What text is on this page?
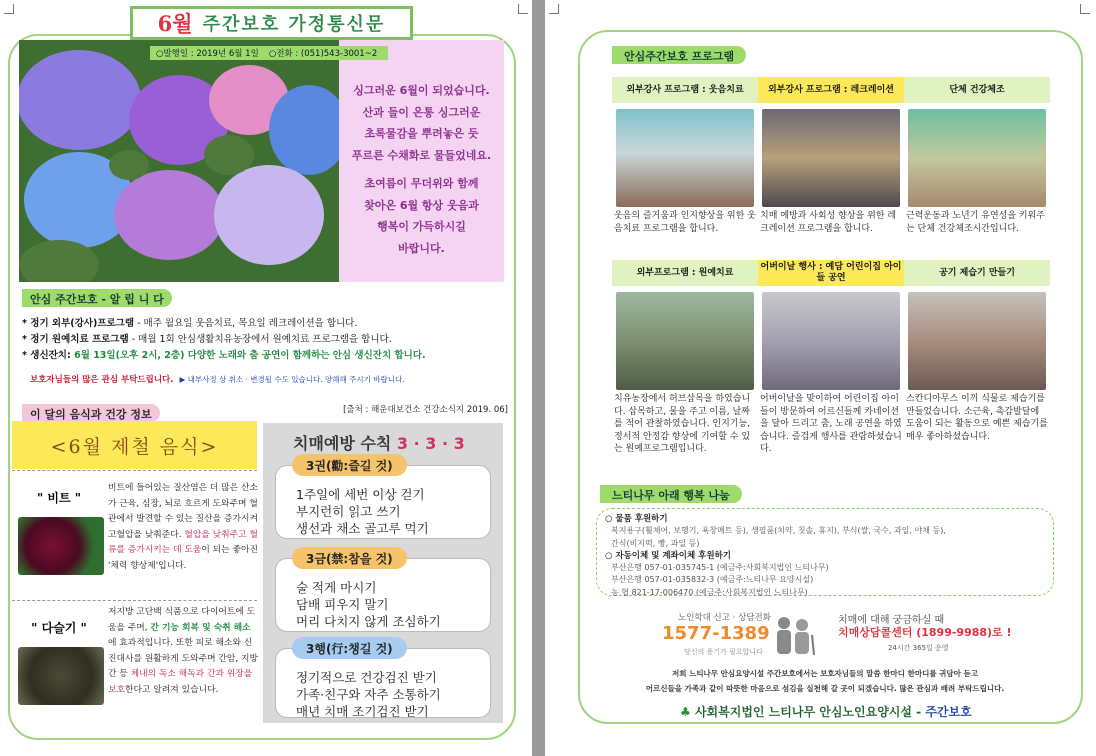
6월 주간보호 가정통신문
○발행일 : 2019년 6월 1일 ○전화 : (051)543-3001~2
싱그러운 6월이 되었습니다.
산과 들이 온통 싱그러운
초록물감을 뿌려놓은 듯
푸르른 수채화로 물들었네요.
초여름이 무더위와 함께
찾아온 6월 항상 웃음과
행복이 가득하시길
바랍니다.
안심 주간보호 - 알 립 니 다
* 정기 외부(강사)프로그램 - 매주 월요일 웃음치료, 목요일 레크레이션을 합니다.
* 정기 원예치료 프로그램 - 매월 1회 안심생활치유농장에서 원예치료 프로그램을 합니다.
* 생신잔치: 6월 13일(오후 2시, 2층) 다양한 노래와 춤 공연이 함께하는 안심 생신잔치 합니다.
보호자님들의 많은 관심 부탁드립니다. ▶ 내부사정 상 취소 · 변경될 수도 있습니다. 양해해 주시기 바랍니다.
[출처 : 해운대보건소 건강소식지 2019. 06]
이 달의 음식과 건강 정보
<6월 제철 음식>
" 비트 "
비트에 들어있는 질산염은 더 많은 산소가 근육, 심장, 뇌로 흐르게 도와주며 혈관에서 발견할 수 있는 질산을 증가시켜 고혈압을 낮춰준다. 혈압을 낮춰주고 혈류를 증가시키는 데 도움이 되는 좋아진 '체력 향상제'입니다.
" 다슬기 "
저지방 고단백 식품으로 다이어트에 도움을 주며, 간 기능 회복 및 숙취 해소에 효과적입니다. 또한 피로 해소와 신진대사를 원활하게 도와주며 간암, 지방간 등 체내의 독소 해독과 간과 위장을 보호한다고 알려져 있습니다.
치매예방 수칙 3 · 3 · 3
3권(勸:즐길 것)
1주일에 세번 이상 걷기
부지런히 읽고 쓰기
생선과 채소 골고루 먹기
3금(禁:참을 것)
술 적게 마시기
담배 피우지 말기
머리 다치지 않게 조심하기
3행(行:챙길 것)
정기적으로 건강검진 받기
가족·친구와 자주 소통하기
매년 치매 조기검진 받기
안심주간보호 프로그램
외부강사 프로그램 : 웃음치료
웃음의 즐거움과 인지향상을 위한 웃음치료 프로그램을 합니다.
외부강사 프로그램 : 레크레이션
치매 예방과 사회성 향상을 위한 레크레이션 프로그램을 합니다.
단체 건강체조
근력운동과 노년기 유연성을 키워주는 단체 건강체조시간입니다.
외부프로그램 : 원예치료
치유농장에서 허브삽목을 하였습니다. 삽목하고, 물을 주고 이름, 날짜를 적어 관찰하였습니다. 인지기능, 정서적 안정감 향상에 기여할 수 있는 원예프로그램입니다.
어버이날 행사 : 예담 어린이집 아이들 공연
어버이날을 맞이하여 어린이집 아이들이 방문하여 어르신들께 카네이션을 달아 드리고 춤, 노래 공연을 하였습니다. 즐겁게 행사를 관람하셨습니다.
공기 제습기 만들기
스칸디아무스 이끼 식물로 제습기를 만들었습니다. 소근육, 촉감발달에 도움이 되는 활동으로 예쁜 제습기를 매우 좋아하셨습니다.
느티나무 아래 행복 나눔
○ 물품 후원하기
복지용구(휠체어, 보행기, 욕창매트 등), 생필품(치약, 칫솔, 휴지), 부식(쌀, 국수, 과일, 야채 등),
간식(비지떡, 빵, 과일 등)
○ 자동이체 및 계좌이체 후원하기
부산은행 057-01-035745-1 (예금주:사회복지법인 느티나무)
부산은행 057-01-035832-3 (예금주:느티나무 요양시설)
농 협 821-17-006470 (예금주:사회복지법인 느티나무)
노인학대 신고 · 상담전화
1577-1389
당신의 용기가 필요합니다
치매에 대해 궁금하실 때
치매상담콜센터 (1899-9988)로 !
24시간 365일 운영
저희 느티나무 안심요양시설 주간보호에서는 보호자님들의 말씀 한마디 한마디를 귀담아 듣고
어르신들을 가족과 같이 따뜻한 마음으로 섬김을 실천해 갈 곳이 되겠습니다. 많은 관심과 배려 부탁드립니다.
♣ 사회복지법인 느티나무 안심노인요양시설 - 주간보호
